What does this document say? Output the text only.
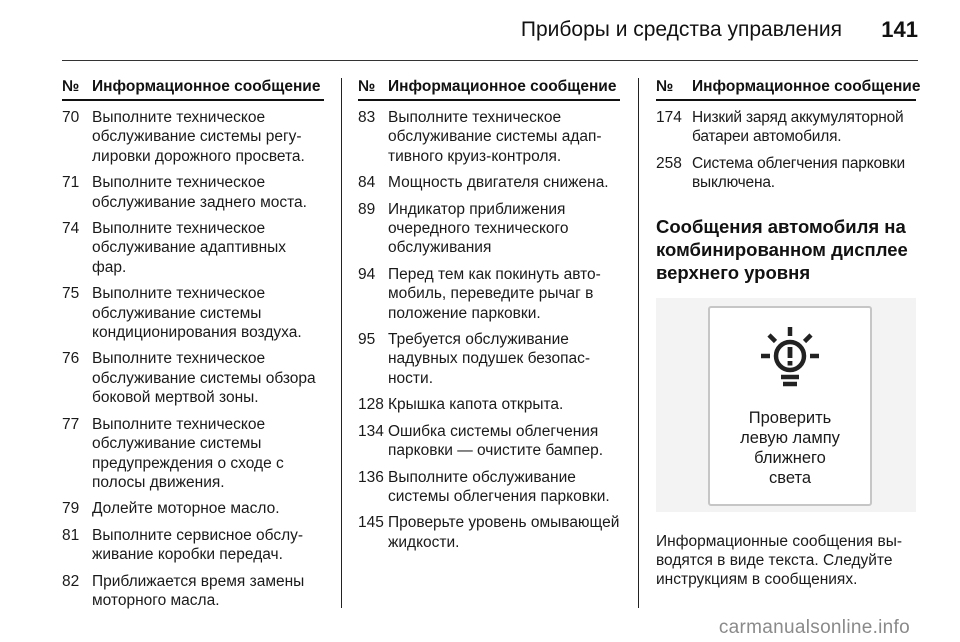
Приборы и средства управления 141
№ Информационное сообщение
70 Выполните техническое обслуживание системы регу-лировки дорожного просвета.
71 Выполните техническое обслуживание заднего моста.
74 Выполните техническое обслуживание адаптивных фар.
75 Выполните техническое обслуживание системы кондиционирования воздуха.
76 Выполните техническое обслуживание системы обзора боковой мертвой зоны.
77 Выполните техническое обслуживание системы предупреждения о сходе с полосы движения.
79 Долейте моторное масло.
81 Выполните сервисное обслу-живание коробки передач.
82 Приближается время замены моторного масла.
№ Информационное сообщение
83 Выполните техническое обслуживание системы адап-тивного круиз-контроля.
84 Мощность двигателя снижена.
89 Индикатор приближения очередного технического обслуживания
94 Перед тем как покинуть авто-мобиль, переведите рычаг в положение парковки.
95 Требуется обслуживание надувных подушек безопас-ности.
128 Крышка капота открыта.
134 Ошибка системы облегчения парковки — очистите бампер.
136 Выполните обслуживание системы облегчения парковки.
145 Проверьте уровень омывающей жидкости.
№	Информационное сообщение
174 Низкий заряд аккумуляторной батареи автомобиля.
258 Система облегчения парковки выключена.
Сообщения автомобиля на комбинированном дисплее верхнего уровня
Проверить
левую лампу
ближнего
света
Информационные сообщения вы-водятся в виде текста. Следуйте инструкциям в сообщениях.
carmanualsonline.info
